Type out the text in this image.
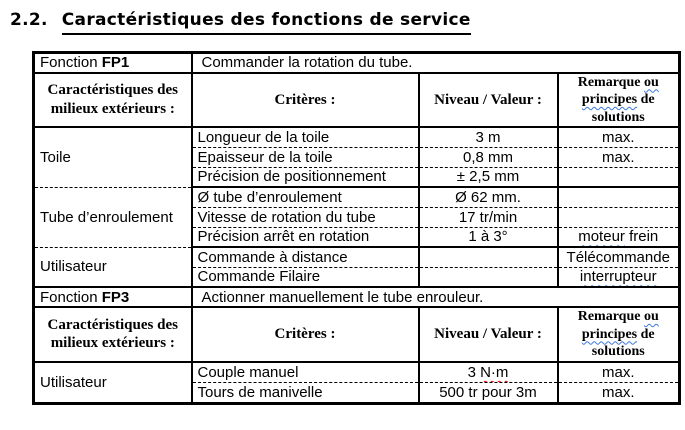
2.2. Caractéristiques des fonctions de service
Fonction FP1	Commander la rotation du tube.		
Caractéristiques des milieux extérieurs :	Critères :	Niveau / Valeur :	Remarque ou principes de solutions
Toile	Longueur de la toile	3 m	max.
	Epaisseur de la toile	0,8 mm	max.
	Précision de positionnement	± 2,5 mm	
Tube d’enroulement	Ø tube d’enroulement	Ø 62 mm.	
	Vitesse de rotation du tube	17 tr/min	
	Précision arrêt en rotation	1 à 3°	moteur frein
Utilisateur	Commande à distance		Télécommande
	Commande Filaire		interrupteur
Fonction FP3	Actionner manuellement le tube enrouleur.		
Caractéristiques des milieux extérieurs :	Critères :	Niveau / Valeur :	Remarque ou principes de solutions
Utilisateur	Couple manuel	3 N·m	max.
	Tours de manivelle	500 tr pour 3m	max.
